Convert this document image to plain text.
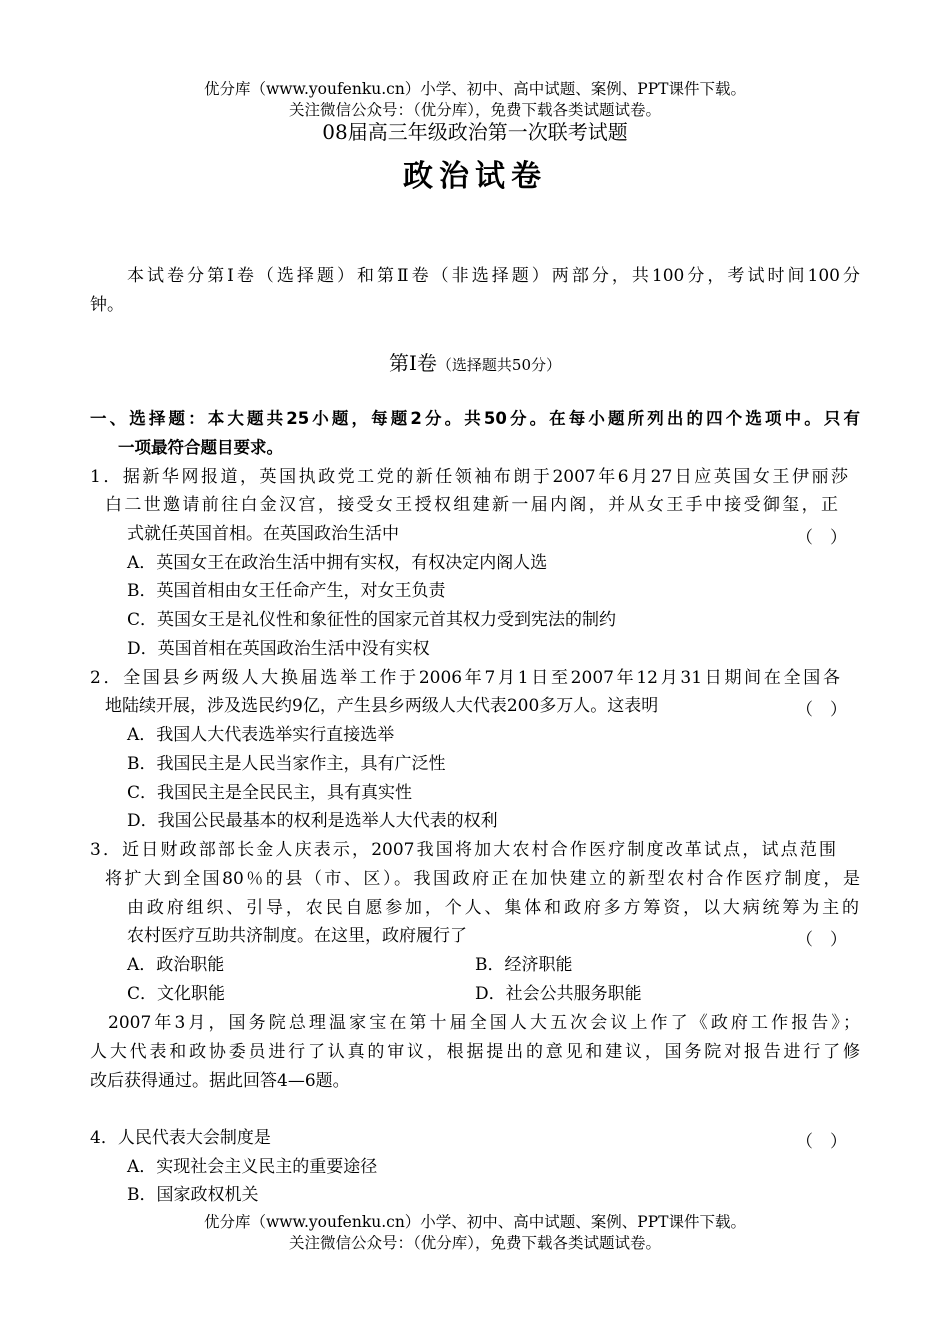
优分库（www.youfenku.cn）小学、初中、高中试题、案例、PPT课件下载。
关注微信公众号：（优分库），免费下载各类试题试卷。
08届高三年级政治第一次联考试题
政治试卷
本试卷分第Ⅰ卷（选择题）和第Ⅱ卷（非选择题）两部分，共100分，考试时间100分
钟。
第Ⅰ卷（选择题共50分）
一、选择题：本大题共25小题，每题2分。共50分。在每小题所列出的四个选项中。只有
一项最符合题目要求。
1．据新华网报道，英国执政党工党的新任领袖布朗于2007年6月27日应英国女王伊丽莎
白二世邀请前往白金汉宫，接受女王授权组建新一届内阁，并从女王手中接受御玺，正
式就任英国首相。在英国政治生活中	（　）
A．英国女王在政治生活中拥有实权，有权决定内阁人选
B．英国首相由女王任命产生，对女王负责
C．英国女王是礼仪性和象征性的国家元首其权力受到宪法的制约
D．英国首相在英国政治生活中没有实权
2．全国县乡两级人大换届选举工作于2006年7月1日至2007年12月31日期间在全国各
地陆续开展，涉及选民约9亿，产生县乡两级人大代表200多万人。这表明	（　）
A．我国人大代表选举实行直接选举
B．我国民主是人民当家作主，具有广泛性
C．我国民主是全民民主，具有真实性
D．我国公民最基本的权利是选举人大代表的权利
3．近日财政部部长金人庆表示，2007我国将加大农村合作医疗制度改革试点，试点范围
将扩大到全国80％的县（市、区）。我国政府正在加快建立的新型农村合作医疗制度，是
由政府组织、引导，农民自愿参加，个人、集体和政府多方筹资，以大病统筹为主的
农村医疗互助共济制度。在这里，政府履行了	（　）
A．政治职能	B．经济职能
C．文化职能	D．社会公共服务职能
2007年3月，国务院总理温家宝在第十届全国人大五次会议上作了《政府工作报告》；
人大代表和政协委员进行了认真的审议，根据提出的意见和建议，国务院对报告进行了修
改后获得通过。据此回答4—6题。
4．人民代表大会制度是	（　）
A．实现社会主义民主的重要途径
B．国家政权机关
优分库（www.youfenku.cn）小学、初中、高中试题、案例、PPT课件下载。
关注微信公众号：（优分库），免费下载各类试题试卷。
